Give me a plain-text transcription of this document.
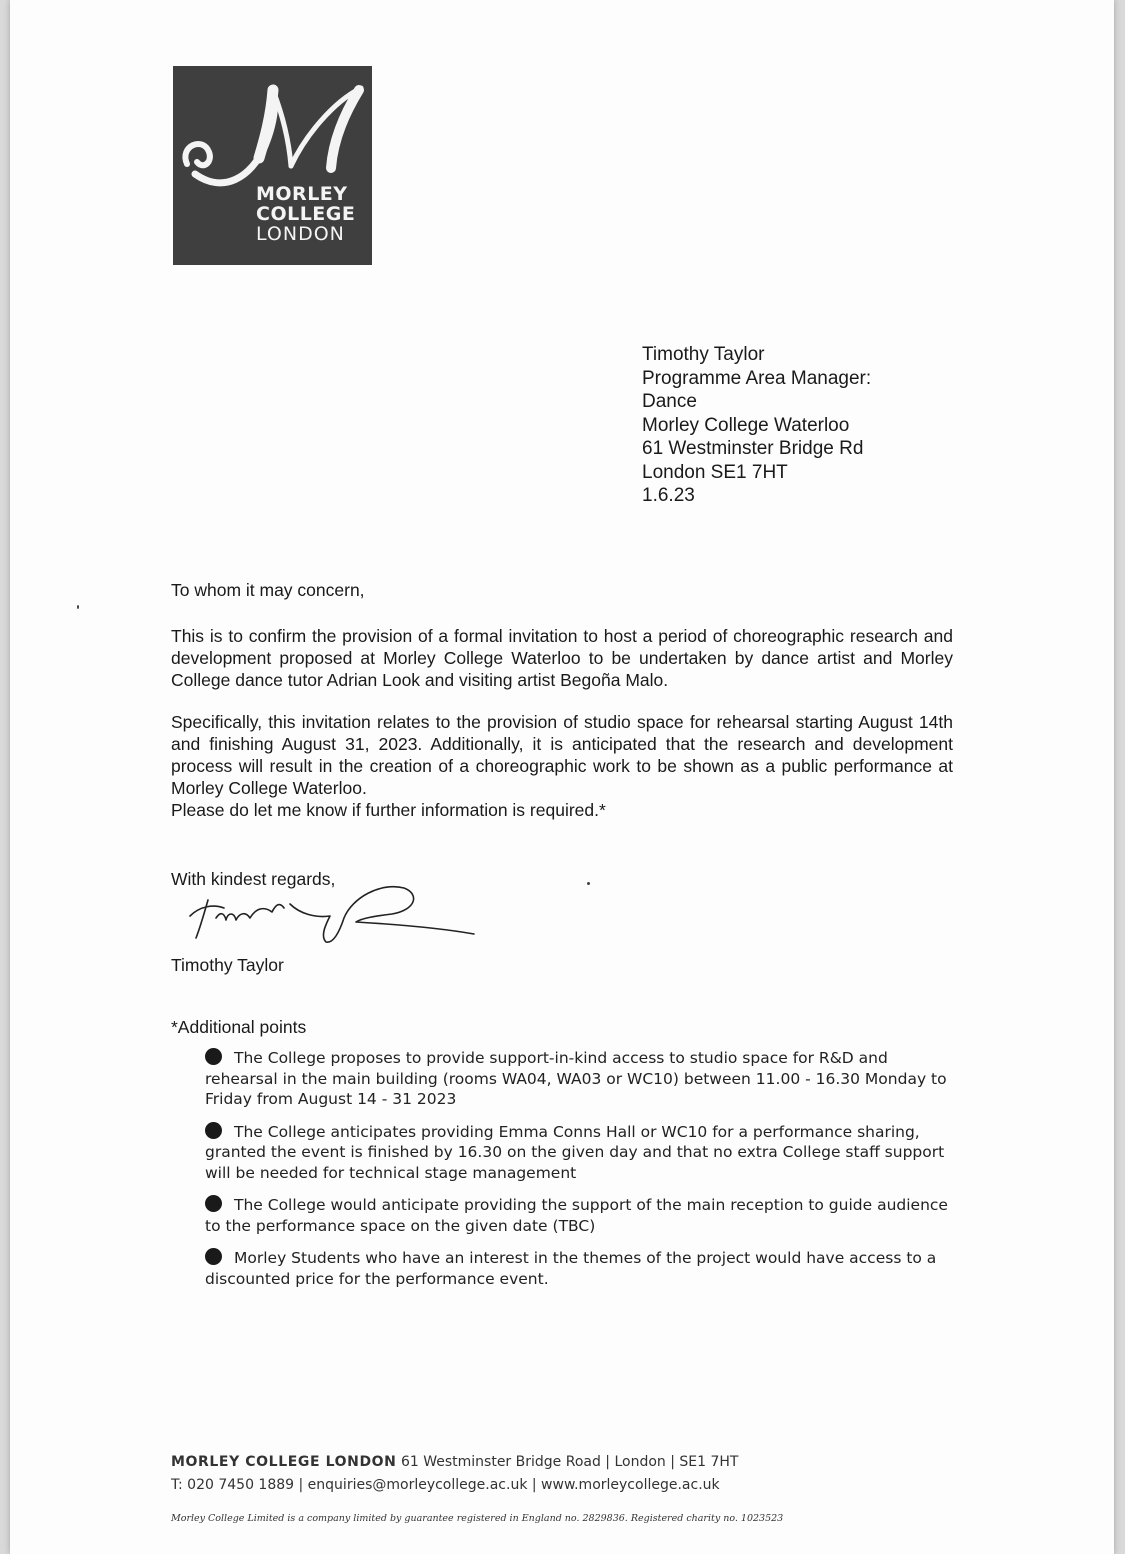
MORLEY
COLLEGE
LONDON
Timothy Taylor
Programme Area Manager:
Dance
Morley College Waterloo
61 Westminster Bridge Rd
London SE1 7HT
1.6.23
To whom it may concern,
This is to confirm the provision of a formal invitation to host a period of choreographic research and development proposed at Morley College Waterloo to be undertaken by dance artist and Morley College dance tutor Adrian Look and visiting artist Begoña Malo.
Specifically, this invitation relates to the provision of studio space for rehearsal starting August 14th and finishing August 31, 2023. Additionally, it is anticipated that the research and development process will result in the creation of a choreographic work to be shown as a public performance at Morley College Waterloo.
Please do let me know if further information is required.*
With kindest regards,
Timothy Taylor
*Additional points
The College proposes to provide support-in-kind access to studio space for R&D and rehearsal in the main building (rooms WA04, WA03 or WC10) between 11.00 - 16.30 Monday to Friday from August 14 - 31 2023
The College anticipates providing Emma Conns Hall or WC10 for a performance sharing, granted the event is finished by 16.30 on the given day and that no extra College staff support will be needed for technical stage management
The College would anticipate providing the support of the main reception to guide audience to the performance space on the given date (TBC)
Morley Students who have an interest in the themes of the project would have access to a discounted price for the performance event.
MORLEY COLLEGE LONDON 61 Westminster Bridge Road | London | SE1 7HT
T: 020 7450 1889 | enquiries@morleycollege.ac.uk | www.morleycollege.ac.uk
Morley College Limited is a company limited by guarantee registered in England no. 2829836. Registered charity no. 1023523
